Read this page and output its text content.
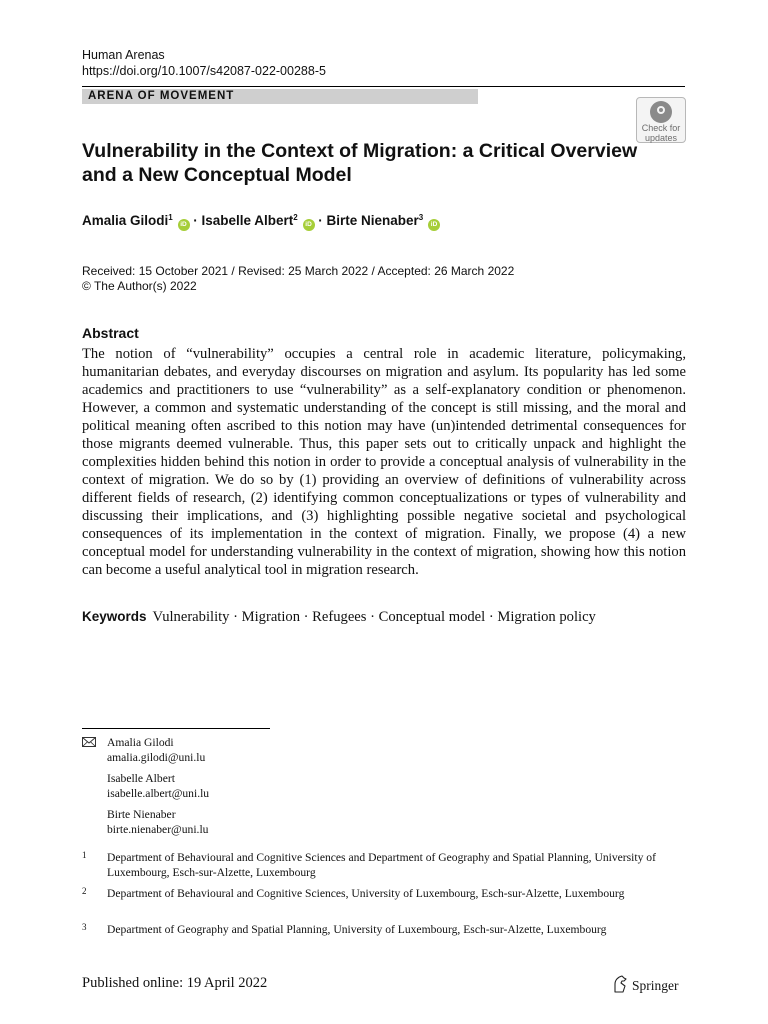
Human Arenas
https://doi.org/10.1007/s42087-022-00288-5
ARENA OF MOVEMENT
Check for
updates
Vulnerability in the Context of Migration: a Critical Overview and a New Conceptual Model
Amalia Gilodi$^1$ iD · Isabelle Albert$^2$ iD · Birte Nienaber$^3$ iD
Received: 15 October 2021 / Revised: 25 March 2022 / Accepted: 26 March 2022
© The Author(s) 2022
Abstract

The notion of “vulnerability” occupies a central role in academic literature, policymaking, humanitarian debates, and everyday discourses on migration and asylum. Its popularity has led some academics and practitioners to use “vulnerability” as a self-explanatory condition or phenomenon. However, a common and systematic understanding of the concept is still missing, and the moral and political meaning often ascribed to this notion may have (un)intended detrimental consequences for those migrants deemed vulnerable. Thus, this paper sets out to critically unpack and highlight the complexities hidden behind this notion in order to provide a conceptual analysis of vulnerability in the context of migration. We do so by (1) providing an overview of definitions of vulnerability across different fields of research, (2) identifying common conceptualizations or types of vulnerability and discussing their implications, and (3) highlighting possible negative societal and psychological consequences of its implementation in the context of migration. Finally, we propose (4) a new conceptual model for understanding vulnerability in the context of migration, showing how this notion can become a useful analytical tool in migration research.

Keywords Vulnerability · Migration · Refugees · Conceptual model · Migration policy
Amalia Gilodi
amalia.gilodi@uni.lu
Isabelle Albert
isabelle.albert@uni.lu
Birte Nienaber
birte.nienaber@uni.lu
1 Department of Behavioural and Cognitive Sciences and Department of Geography and Spatial Planning, University of Luxembourg, Esch-sur-Alzette, Luxembourg
2 Department of Behavioural and Cognitive Sciences, University of Luxembourg, Esch-sur-Alzette, Luxembourg
3 Department of Geography and Spatial Planning, University of Luxembourg, Esch-sur-Alzette, Luxembourg
Published online: 19 April 2022	Springer
